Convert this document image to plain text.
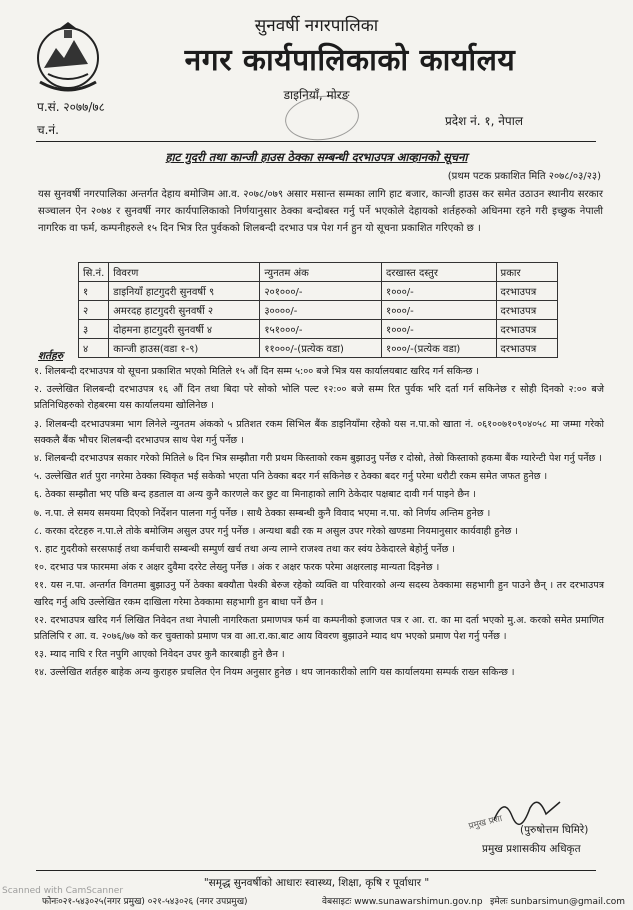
सुनवर्षी नगरपालिका
नगर कार्यपालिकाको कार्यालय
डाइनियाँ, मोरङ
प.सं. २०७७/७८
च.नं.
प्रदेश नं. १, नेपाल
हाट गुदरी तथा कान्जी हाउस ठेक्का सम्बन्धी दरभाउपत्र आव्हानको सूचना
(प्रथम पटक प्रकाशित मिति २०७८/०३/२३)
यस सुनवर्षी नगरपालिका अन्तर्गत देहाय बमोजिम आ.व. २०७८/०७९ असार मसान्त सम्मका लागि हाट बजार, कान्जी हाउस कर समेत उठाउन स्थानीय सरकार सञ्चालन ऐन २०७४ र सुनवर्षी नगर कार्यपालिकाको निर्णयानुसार ठेक्का बन्दोबस्त गर्नु पर्ने भएकोले देहायको शर्तहरुको अधिनमा रहने गरी इच्छुक नेपाली नागरिक वा फर्म, कम्पनीहरुले १५ दिन भित्र रित पुर्वकको शिलबन्दी दरभाउ पत्र पेश गर्न हुन यो सूचना प्रकाशित गरिएको छ ।
सि.नं.	विवरण	न्युनतम अंक	दरखास्त दस्तुर	प्रकार
१	डाइनियाँ हाटगुदरी सुनवर्षी ९	२०१०००/-	१०००/-	दरभाउपत्र
२	अमरदह हाटगुदरी सुनवर्षी २	३००००/-	१०००/-	दरभाउपत्र
३	दोहमना हाटगुदरी सुनवर्षी ४	१५१०००/-	१०००/-	दरभाउपत्र
४	कान्जी हाउस(वडा १-९)	११०००/-(प्रत्येक वडा)	१०००/-(प्रत्येक वडा)	दरभाउपत्र
शर्तहरु
१. शिलबन्दी दरभाउपत्र यो सूचना प्रकाशित भएको मितिले १५ औं दिन सम्म ५:०० बजे भित्र यस कार्यालयबाट खरिद गर्न सकिन्छ ।
२. उल्लेखित शिलबन्दी दरभाउपत्र १६ औं दिन तथा बिदा परे सोको भोलि पल्ट १२:०० बजे सम्म रित पुर्वक भरि दर्ता गर्न सकिनेछ र सोही दिनको २:०० बजे प्रतिनिधिहरुको रोहबरमा यस कार्यालयमा खोलिनेछ ।
३. शिलबन्दी दरभाउपत्रमा भाग लिनेले न्युनतम अंकको ५ प्रतिशत रकम सिभिल बैंक डाइनियाँमा रहेको यस न.पा.को खाता नं. ०६१००७१०९०४०५८ मा जम्मा गरेको सक्कलै बैंक भौचर शिलबन्दी दरभाउपत्र साथ पेश गर्नु पर्नेछ ।
४. शिलबन्दी दरभाउपत्र सकार गरेको मितिले ७ दिन भित्र सम्झौता गरी प्रथम किस्ताको रकम बुझाउनु पर्नेछ र दोस्रो, तेस्रो किस्ताको हकमा बैंक ग्यारेन्टी पेश गर्नु पर्नेछ ।
५. उल्लेखित शर्त पुरा नगरेमा ठेक्का स्विकृत भई सकेको भएता पनि ठेक्का बदर गर्न सकिनेछ र ठेक्का बदर गर्नु परेमा धरौटी रकम समेत जफत हुनेछ ।
६. ठेक्का सम्झौता भए पछि बन्द हडताल वा अन्य कुनै कारणले कर छुट वा मिनाहाको लागि ठेकेदार पक्षबाट दावी गर्न पाइने छैन ।
७. न.पा. ले समय समयमा दिएको निर्देशन पालना गर्नु पर्नेछ । साथै ठेक्का सम्बन्धी कुनै विवाद भएमा न.पा. को निर्णय अन्तिम हुनेछ ।
८. करका दरेटहरु न.पा.ले तोके बमोजिम असुल उपर गर्नु पर्नेछ । अन्यथा बढी रक म असुल उपर गरेको खण्डमा नियमानुसार कार्यवाही हुनेछ ।
९. हाट गुदरीको सरसफाई तथा कर्मचारी सम्बन्धी सम्पुर्ण खर्च तथा अन्य लाग्ने राजश्व तथा कर स्वंय ठेकेदारले बेहोर्नु पर्नेछ ।
१०. दरभाउ पत्र फारममा अंक र अक्षर दुवैमा दररेट लेख्नु पर्नेछ । अंक र अक्षर फरक परेमा अक्षरलाइ मान्यता दिइनेछ ।
११. यस न.पा. अन्तर्गत विगतमा बुझाउनु पर्ने ठेक्का बक्यौता पेश्की बेरुज रहेको व्यक्ति वा परिवारको अन्य सदस्य ठेक्कामा सहभागी हुन पाउने छैन् । तर दरभाउपत्र खरिद गर्नु अघि उल्लेखित रकम दाखिला गरेमा ठेक्कामा सहभागी हुन बाधा पर्ने छैन ।
१२. दरभाउपत्र खरिद गर्न लिखित निवेदन तथा नेपाली नागरिकता प्रमाणपत्र फर्म वा कम्पनीको इजाजत पत्र र आ. रा. का मा दर्ता भएको मु.अ. करको समेत प्रमाणित प्रतिलिपि र आ. व. २०७६/७७ को कर चुक्ताको प्रमाण पत्र वा आ.रा.का.बाट आय विवरण बुझाउने म्याद थप भएको प्रमाण पेश गर्नु पर्नेछ ।
१३. म्याद नाघि र रित नपुगि आएको निवेदन उपर कुनै कारबाही हुने छैन ।
१४. उल्लेखित शर्तहरु बाहेक अन्य कुराहरु प्रचलित ऐन नियम अनुसार हुनेछ । थप जानकारीको लागि यस कार्यालयमा सम्पर्क राख्न सकिन्छ ।
प्रमुख प्रशा (पुरुषोत्तम घिमिरे)
प्रमुख प्रशासकीय अधिकृत
"समृद्ध सुनवर्षीको आधारः स्वास्थ्य, शिक्षा, कृषि र पूर्वाधार "
फोनः०२१-५४३०२५(नगर प्रमुख) ०२१-५४३०२६ (नगर उपप्रमुख)	वेबसाइटः www.sunawarshimun.gov.np इमेलः sunbarsimun@gmail.com
Scanned with CamScanner
